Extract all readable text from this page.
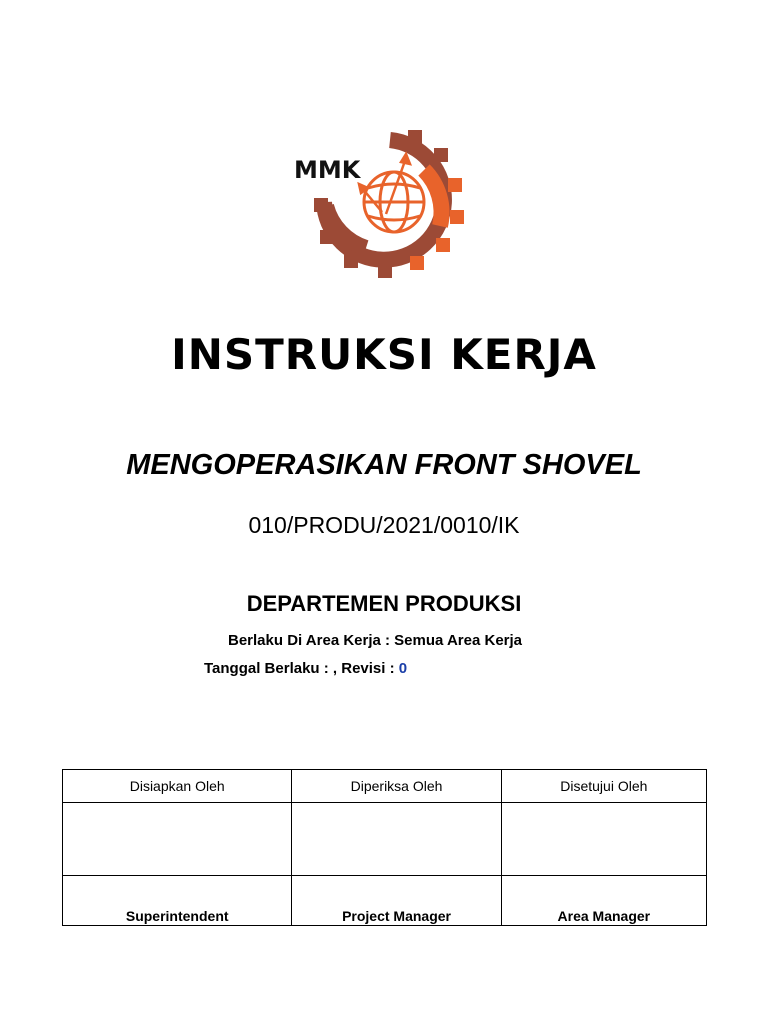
MMK
INSTRUKSI KERJA
MENGOPERASIKAN FRONT SHOVEL
010/PRODU/2021/0010/IK
DEPARTEMEN PRODUKSI
Berlaku Di Area Kerja : Semua Area Kerja
Tanggal Berlaku : , Revisi : 0
Disiapkan Oleh	Diperiksa Oleh	Disetujui Oleh

Superintendent	Project Manager	Area Manager
